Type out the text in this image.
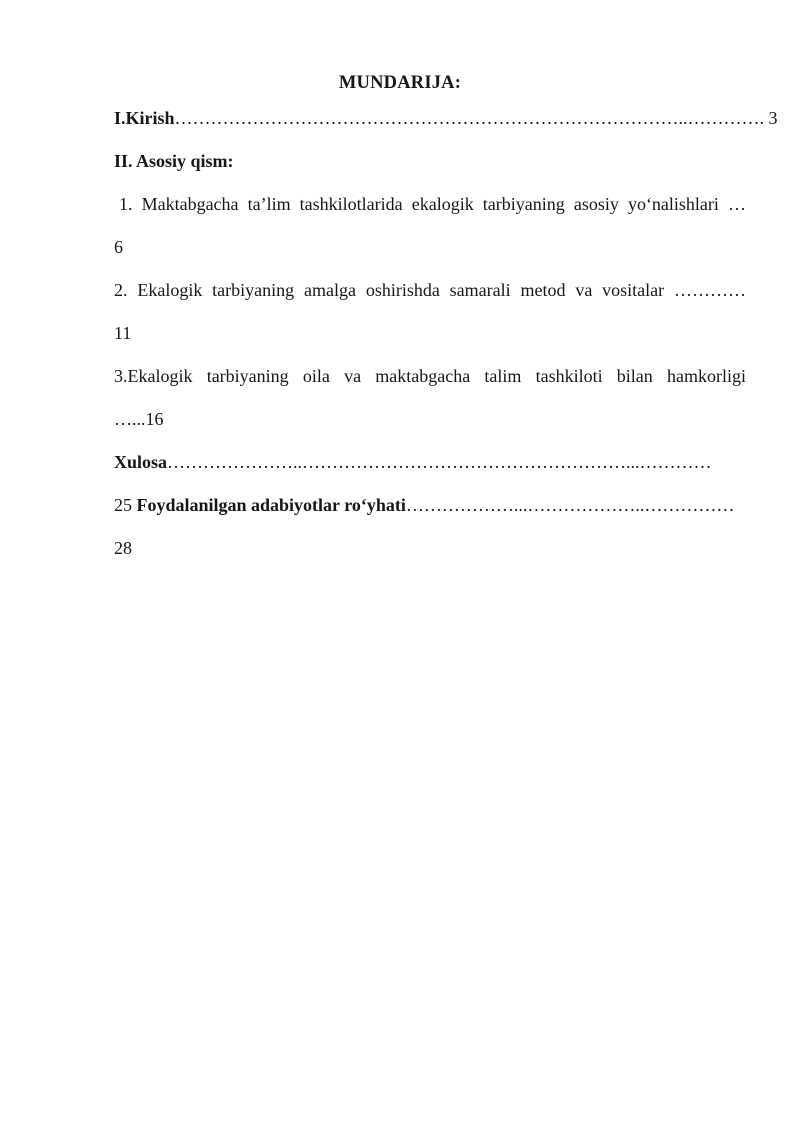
MUNDARIJA:
I.Kirish…………………………………………………………………………..…………. 3
II. Asosiy qism:
1. Maktabgacha ta’lim tashkilotlarida ekalogik tarbiyaning asosiy yo‘nalishlari …
6
2. Ekalogik tarbiyaning amalga oshirishda samarali metod va vositalar …………
11
3.Ekalogik tarbiyaning oila va maktabgacha talim tashkiloti bilan hamkorligi
…...16
Xulosa…………………..………………………………………………...…………
25 Foydalanilgan adabiyotlar ro‘yhati………………...………………..……………
28
